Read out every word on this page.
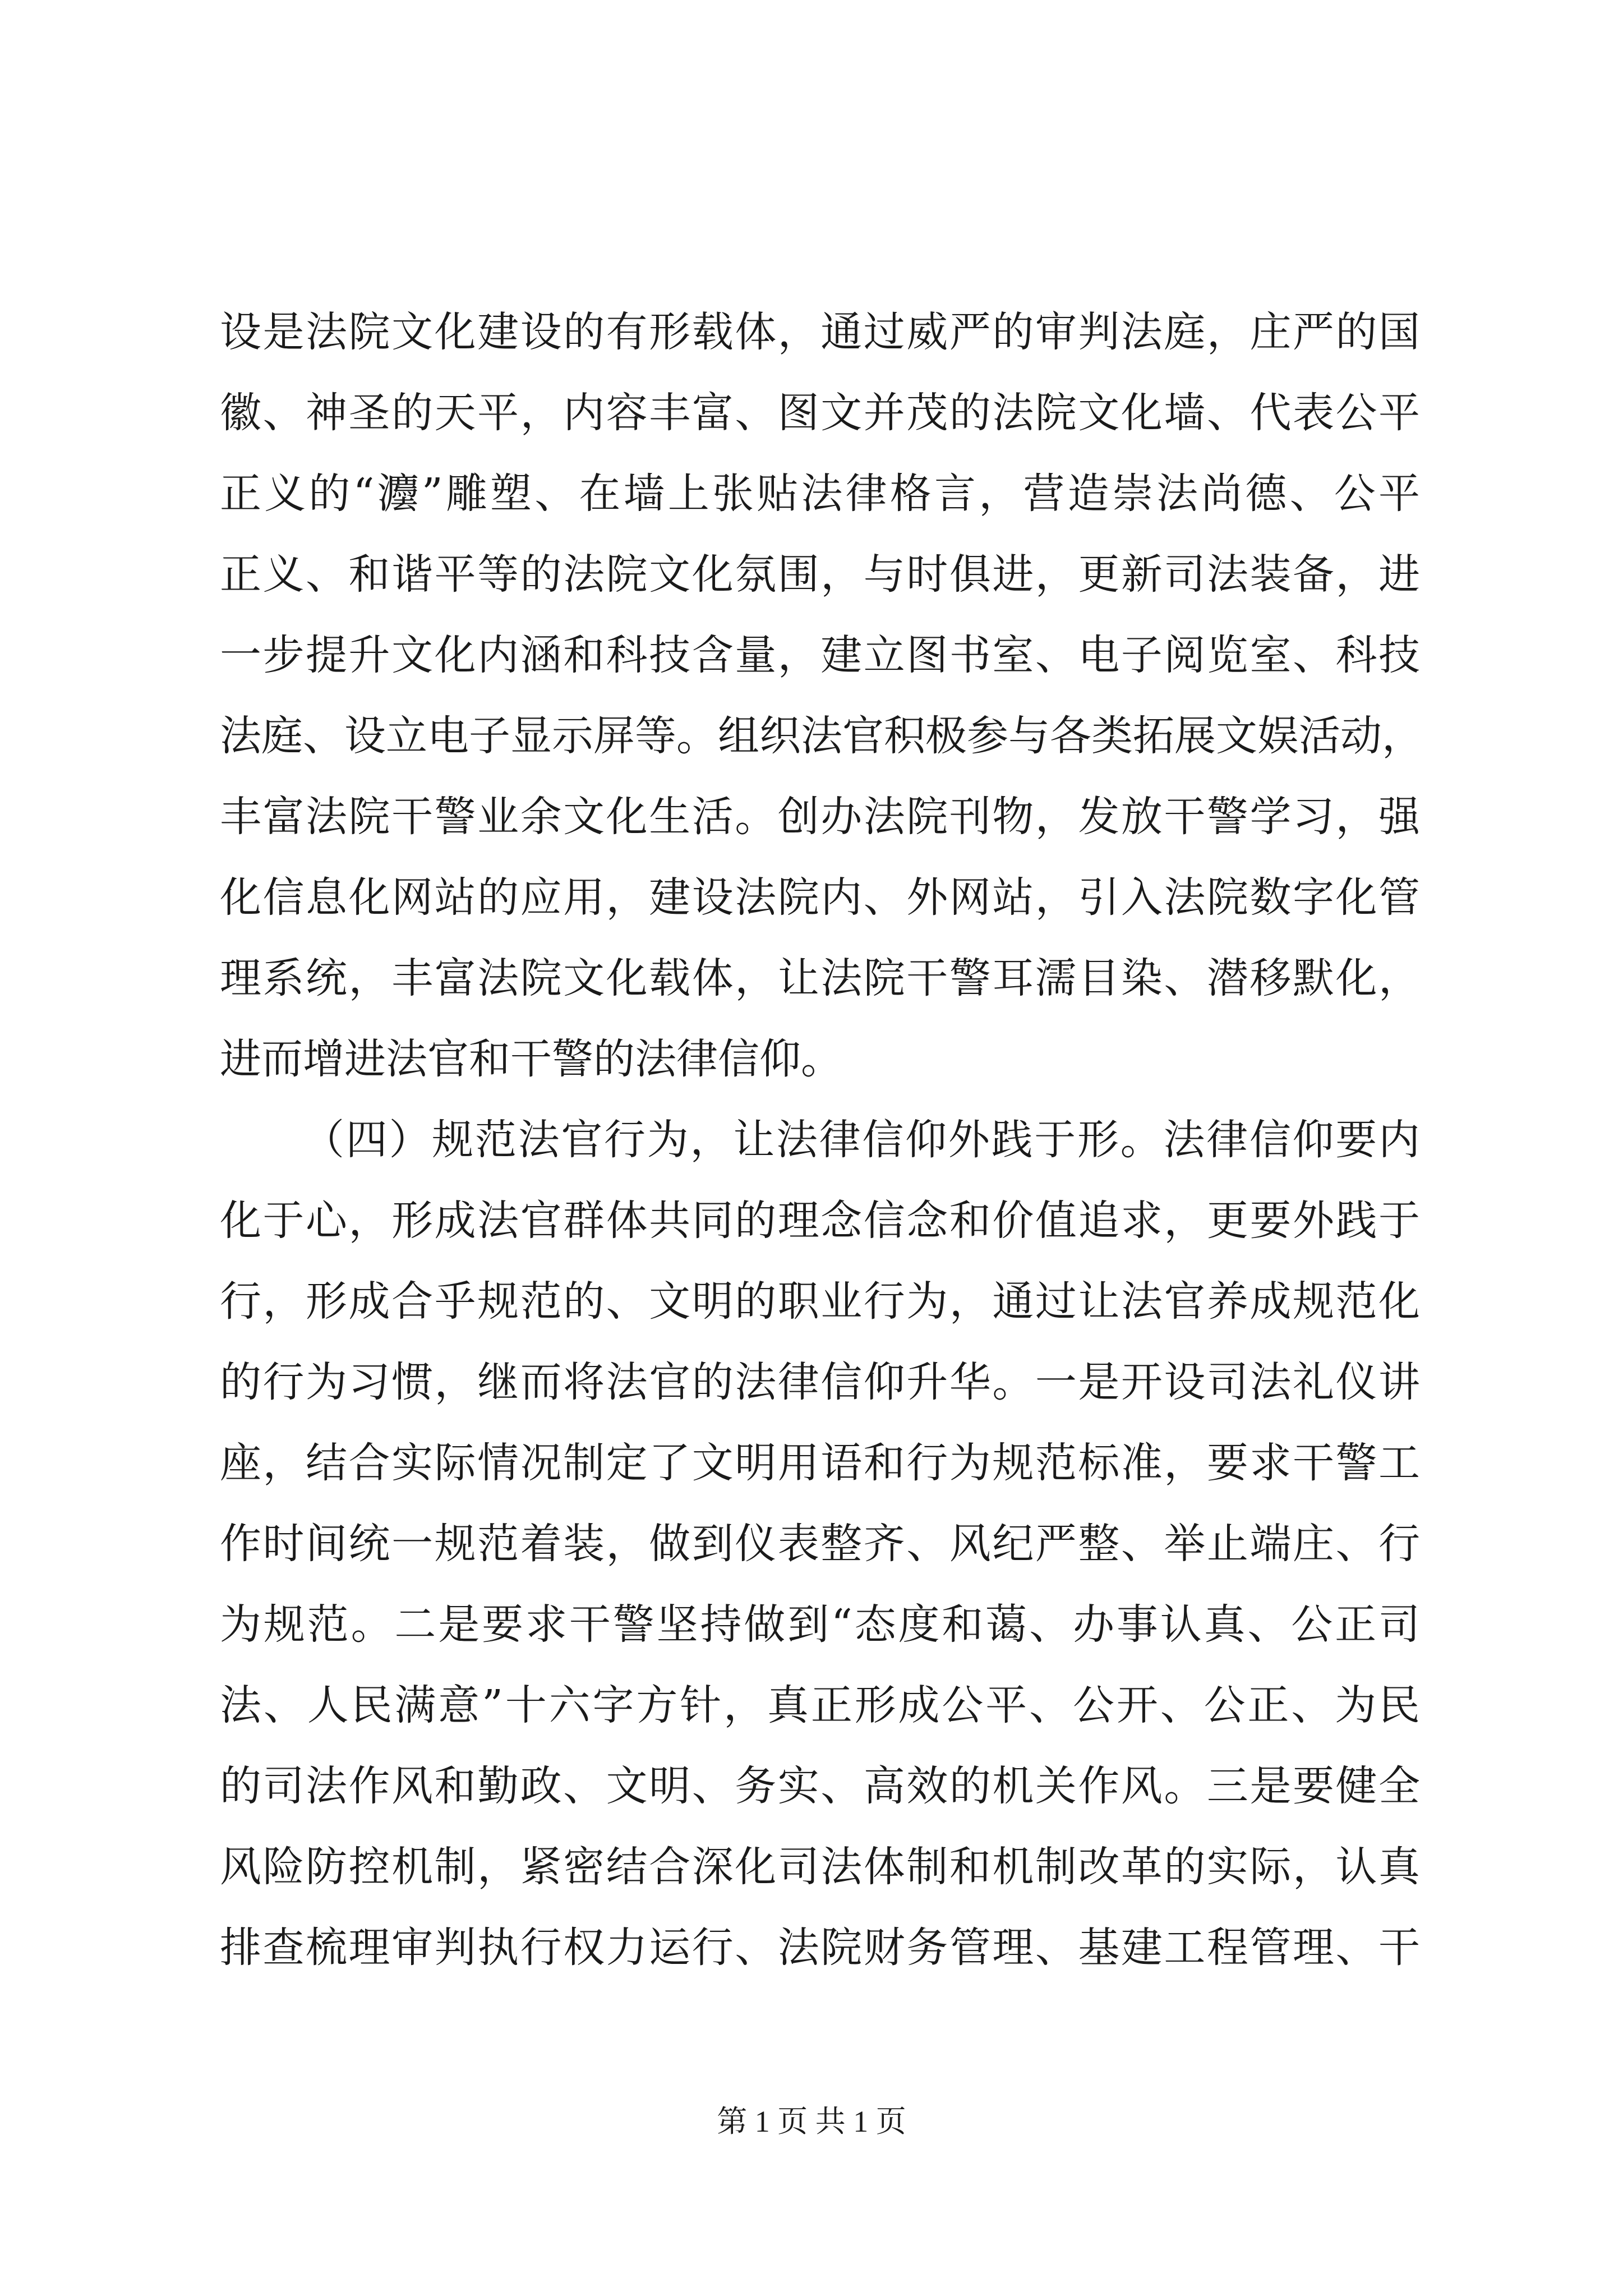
设是法院文化建设的有形载体，通过威严的审判法庭，庄严的国
徽、神圣的天平，内容丰富、图文并茂的法院文化墙、代表公平
正义的“灋”雕塑、在墙上张贴法律格言，营造崇法尚德、公平
正义、和谐平等的法院文化氛围，与时俱进，更新司法装备，进
一步提升文化内涵和科技含量，建立图书室、电子阅览室、科技
法庭、设立电子显示屏等。组织法官积极参与各类拓展文娱活动，
丰富法院干警业余文化生活。创办法院刊物，发放干警学习，强
化信息化网站的应用，建设法院内、外网站，引入法院数字化管
理系统，丰富法院文化载体，让法院干警耳濡目染、潜移默化，
进而增进法官和干警的法律信仰。
（四）规范法官行为，让法律信仰外践于形。法律信仰要内
化于心，形成法官群体共同的理念信念和价值追求，更要外践于
行，形成合乎规范的、文明的职业行为，通过让法官养成规范化
的行为习惯，继而将法官的法律信仰升华。一是开设司法礼仪讲
座，结合实际情况制定了文明用语和行为规范标准，要求干警工
作时间统一规范着装，做到仪表整齐、风纪严整、举止端庄、行
为规范。二是要求干警坚持做到“态度和蔼、办事认真、公正司
法、人民满意”十六字方针，真正形成公平、公开、公正、为民
的司法作风和勤政、文明、务实、高效的机关作风。三是要健全
风险防控机制，紧密结合深化司法体制和机制改革的实际，认真
排查梳理审判执行权力运行、法院财务管理、基建工程管理、干
第 1 页 共 1 页
